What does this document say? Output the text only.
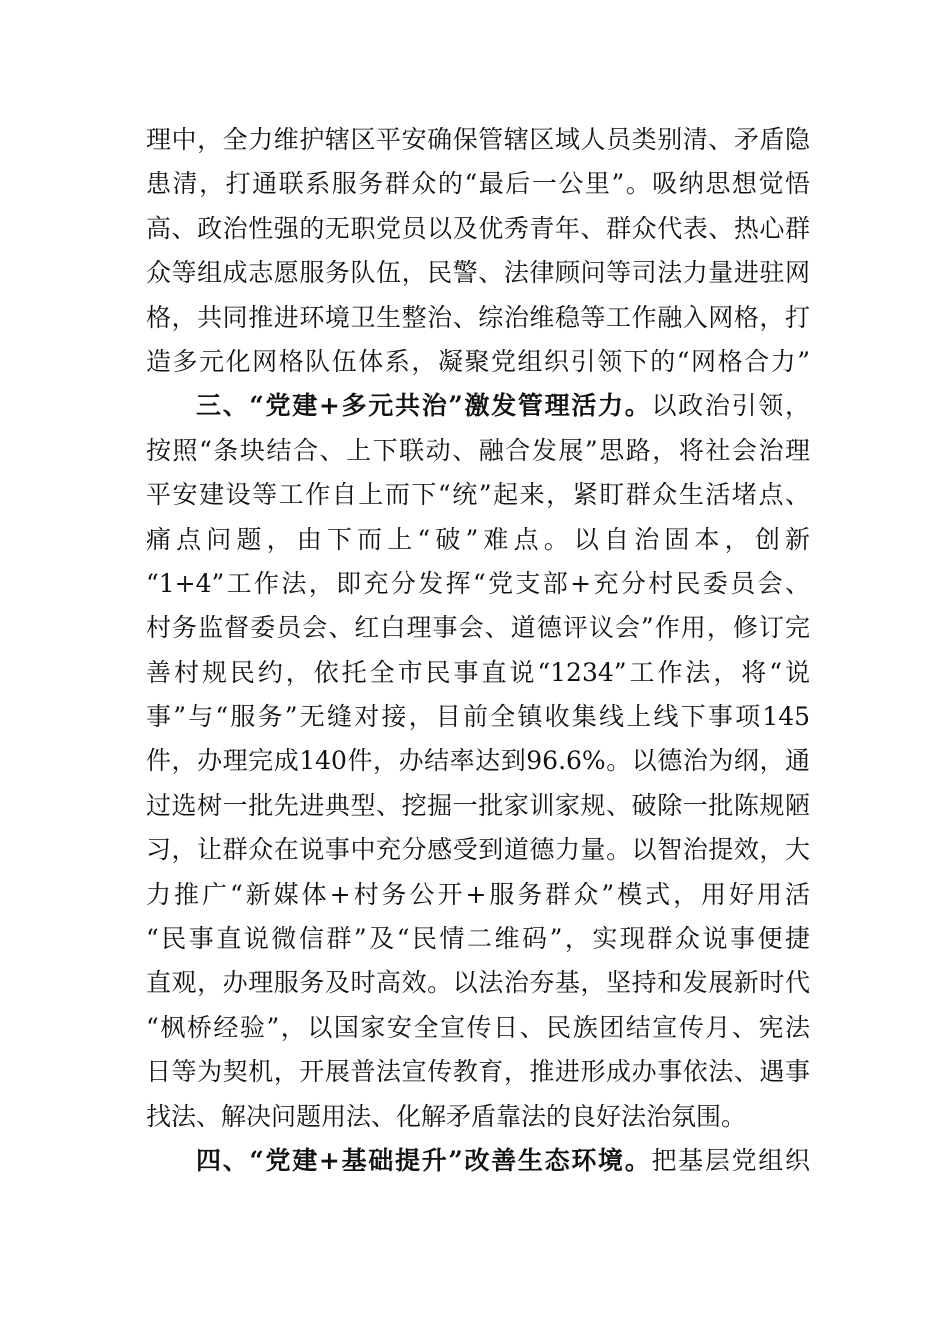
理中，全力维护辖区平安确保管辖区域人员类别清、矛盾隐
患清，打通联系服务群众的“最后一公里”。吸纳思想觉悟
高、政治性强的无职党员以及优秀青年、群众代表、热心群
众等组成志愿服务队伍，民警、法律顾问等司法力量进驻网
格，共同推进环境卫生整治、综治维稳等工作融入网格，打
造多元化网格队伍体系，凝聚党组织引领下的“网格合力”
三、“党建+多元共治”激发管理活力。以政治引领，
按照“条块结合、上下联动、融合发展”思路，将社会治理
平安建设等工作自上而下“统”起来，紧盯群众生活堵点、
痛点问题，由下而上“破”难点。以自治固本，创新
“1+4”工作法，即充分发挥“党支部+充分村民委员会、
村务监督委员会、红白理事会、道德评议会”作用，修订完
善村规民约，依托全市民事直说“1234”工作法，将“说
事”与“服务”无缝对接，目前全镇收集线上线下事项145
件，办理完成140件，办结率达到96.6%。以德治为纲，通
过选树一批先进典型、挖掘一批家训家规、破除一批陈规陋
习，让群众在说事中充分感受到道德力量。以智治提效，大
力推广“新媒体+村务公开+服务群众”模式，用好用活
“民事直说微信群”及“民情二维码”，实现群众说事便捷
直观，办理服务及时高效。以法治夯基，坚持和发展新时代
“枫桥经验”，以国家安全宣传日、民族团结宣传月、宪法
日等为契机，开展普法宣传教育，推进形成办事依法、遇事
找法、解决问题用法、化解矛盾靠法的良好法治氛围。
四、“党建+基础提升”改善生态环境。把基层党组织
